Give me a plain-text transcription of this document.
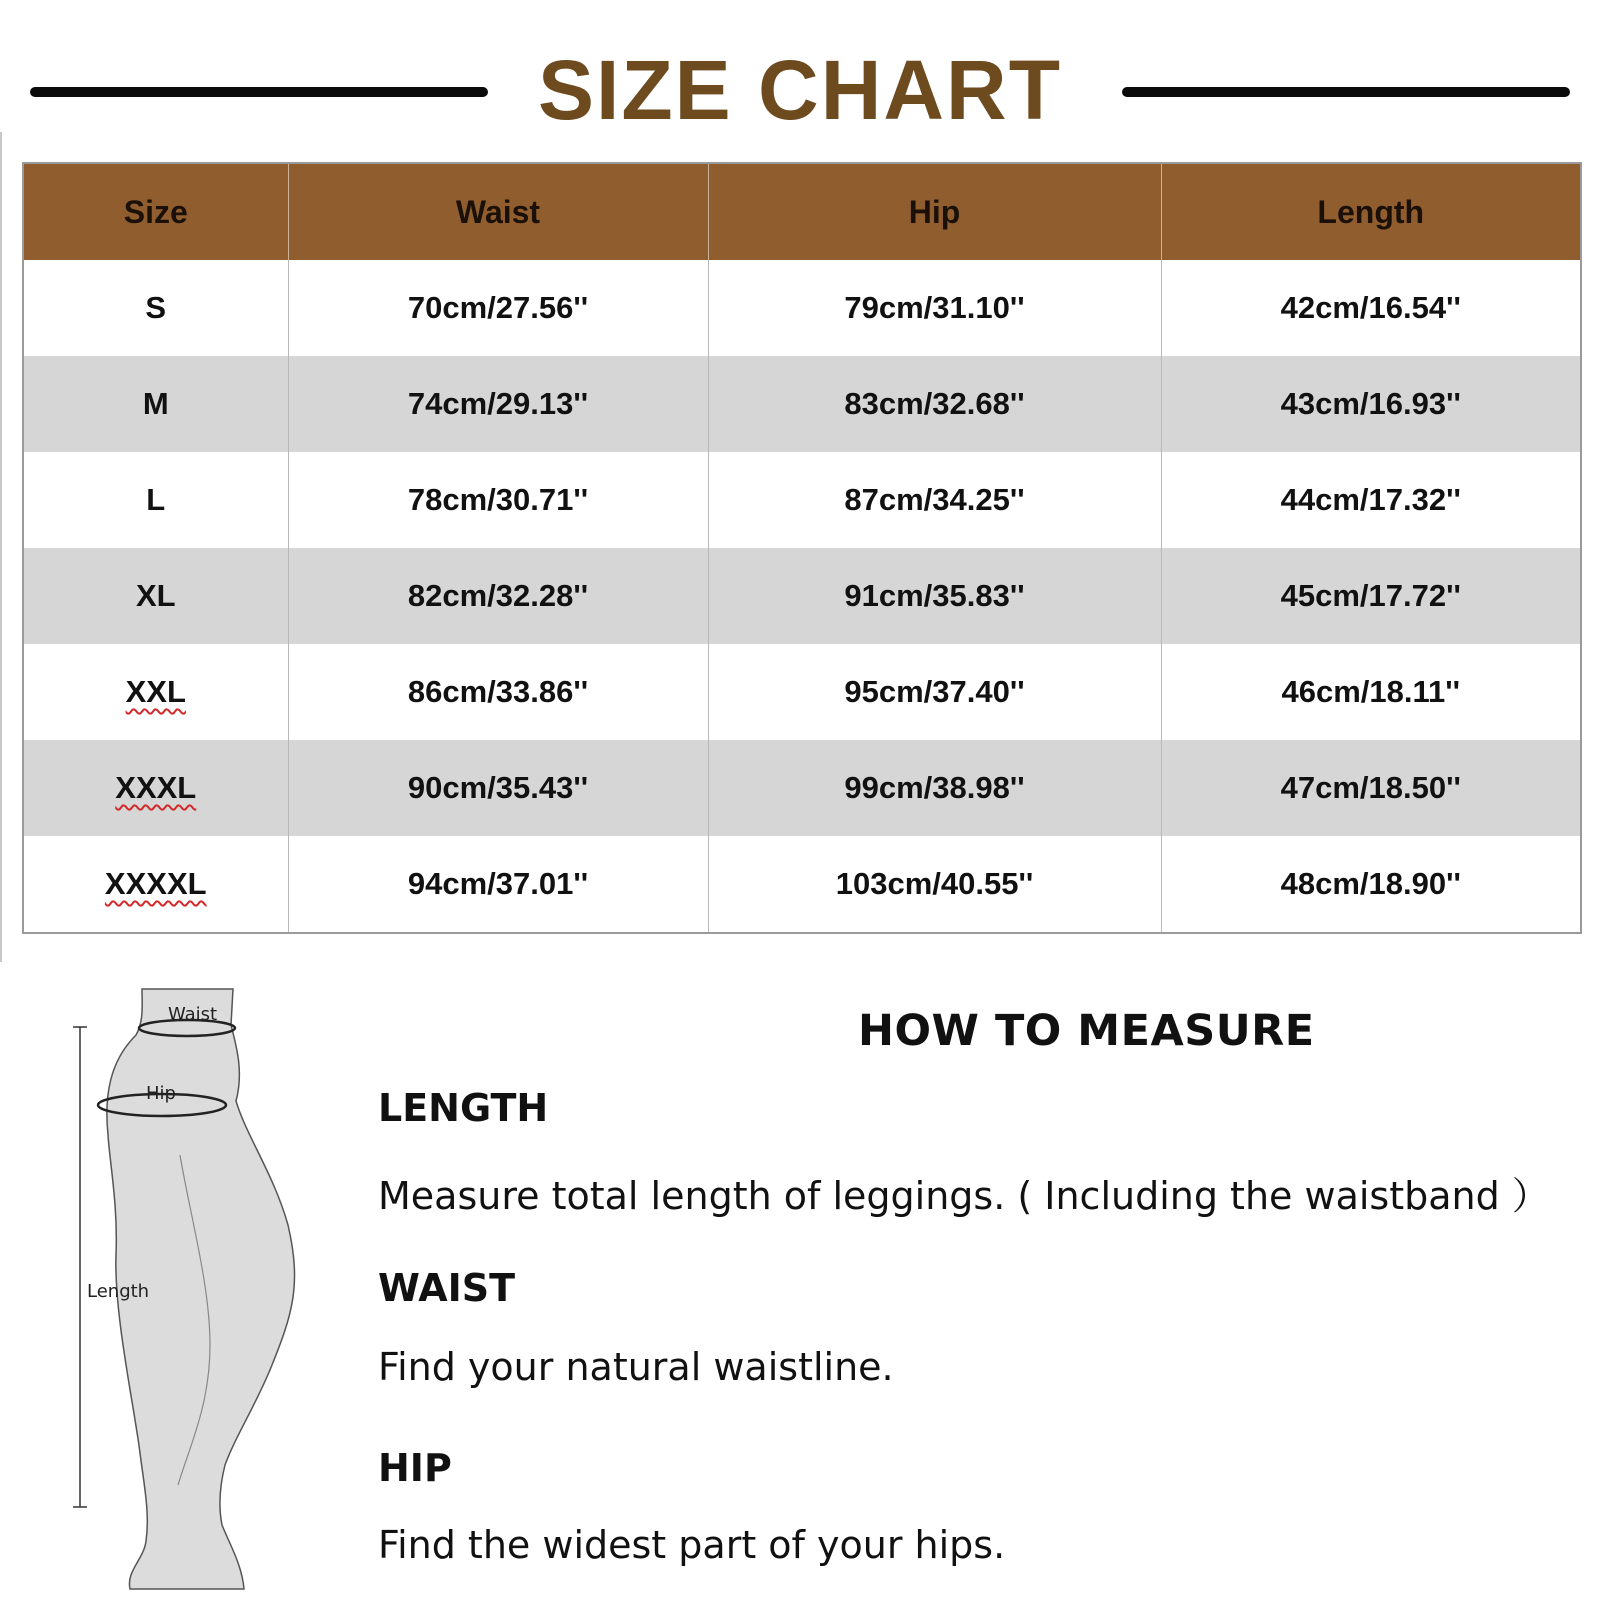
SIZE CHART
Size	Waist	Hip	Length
S	70cm/27.56''	79cm/31.10''	42cm/16.54''
M	74cm/29.13''	83cm/32.68''	43cm/16.93''
L	78cm/30.71''	87cm/34.25''	44cm/17.32''
XL	82cm/32.28''	91cm/35.83''	45cm/17.72''
XXL	86cm/33.86''	95cm/37.40''	46cm/18.11''
XXXL	90cm/35.43''	99cm/38.98''	47cm/18.50''
XXXXL	94cm/37.01''	103cm/40.55''	48cm/18.90''
Waist
Hip
Length
HOW TO MEASURE
LENGTH
Measure total length of leggings. ( Including the waistband ）
WAIST
Find your natural waistline.
HIP
Find the widest part of your hips.
